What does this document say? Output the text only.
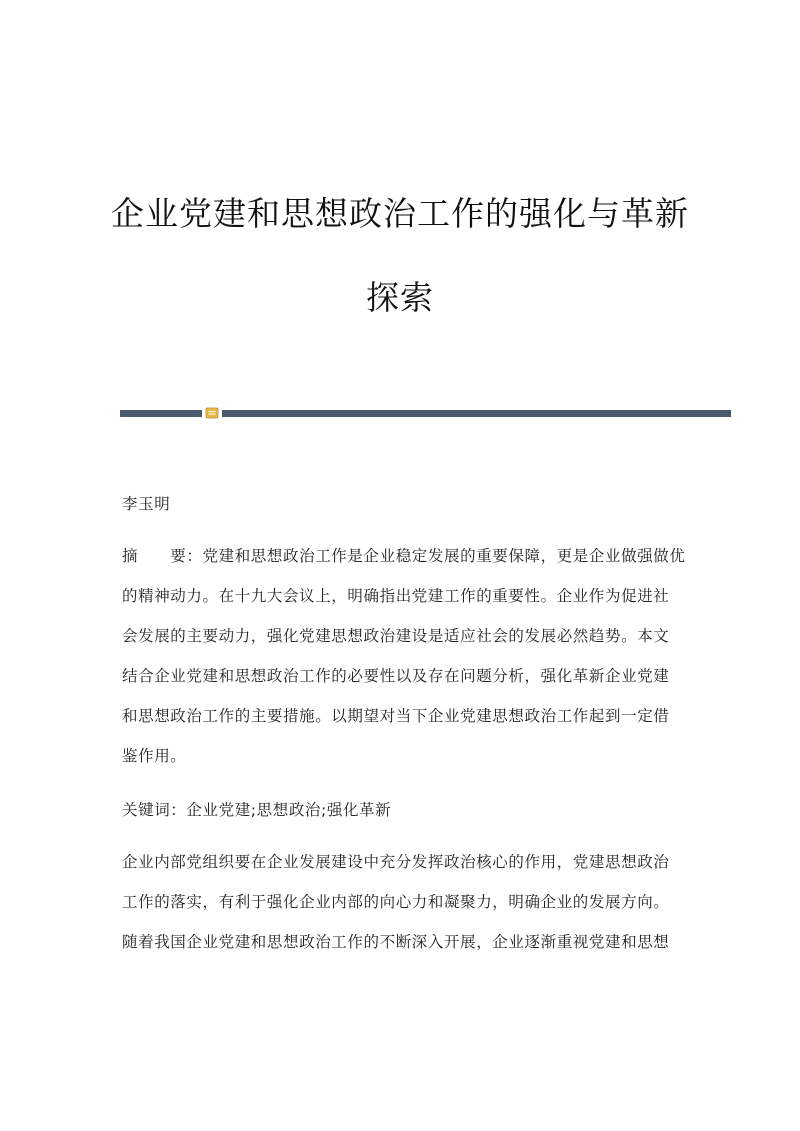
企业党建和思想政治工作的强化与革新
探索
李玉明
摘　　要：党建和思想政治工作是企业稳定发展的重要保障，更是企业做强做优
的精神动力。在十九大会议上，明确指出党建工作的重要性。企业作为促进社
会发展的主要动力，强化党建思想政治建设是适应社会的发展必然趋势。本文
结合企业党建和思想政治工作的必要性以及存在问题分析，强化革新企业党建
和思想政治工作的主要措施。以期望对当下企业党建思想政治工作起到一定借
鉴作用。
关键词：企业党建;思想政治;强化革新
企业内部党组织要在企业发展建设中充分发挥政治核心的作用，党建思想政治
工作的落实，有利于强化企业内部的向心力和凝聚力，明确企业的发展方向。
随着我国企业党建和思想政治工作的不断深入开展，企业逐渐重视党建和思想
